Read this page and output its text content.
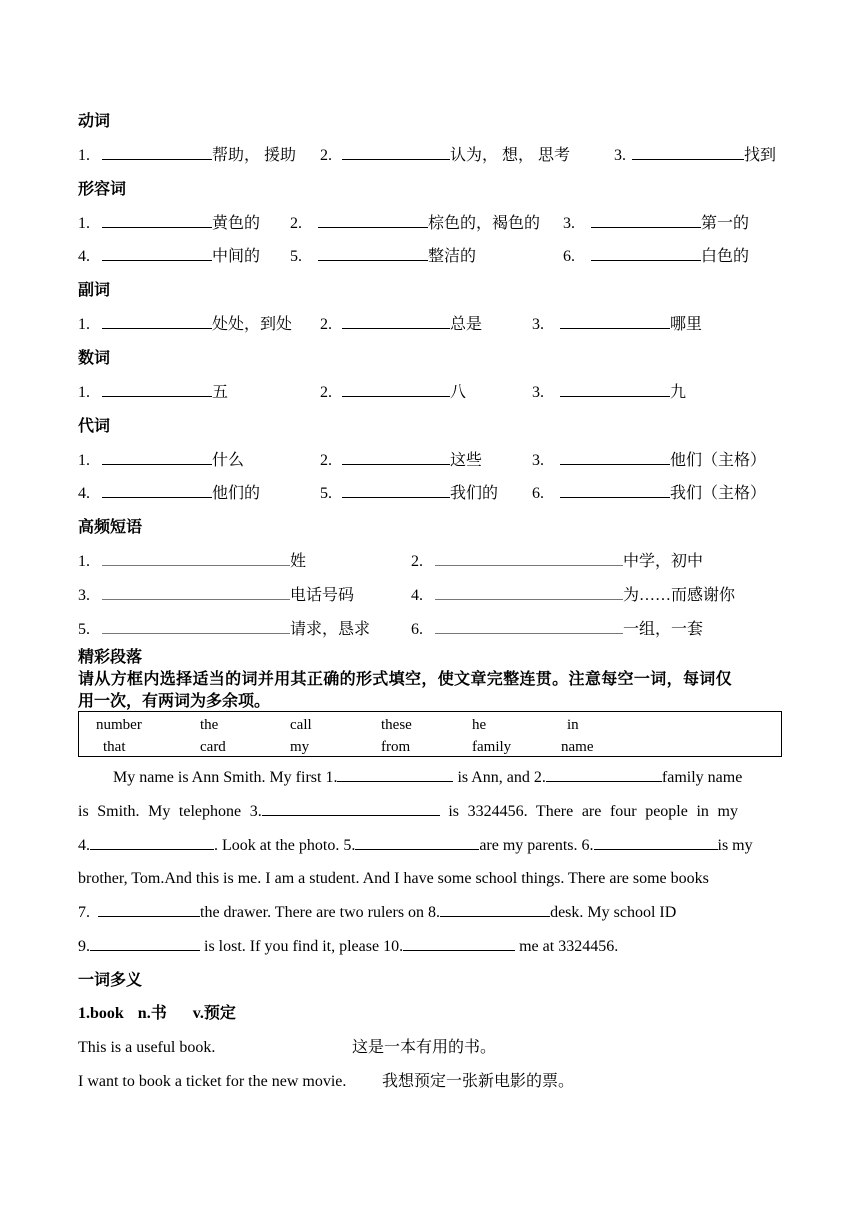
动词
1.	帮助， 援助 2.	认为， 想， 思考	3.	找到
形容词
1.	黄色的 2.	棕色的，褐色的 3.	第一的
4.	中间的 5.	整洁的	6.	白色的
副词
1.	处处，到处 2.	总是	3.	哪里
数词
1.	五	2.	八	3.	九
代词
1.	什么	2.	这些	3.	他们（主格）
4.	他们的	5.	我们的 6.	我们（主格）
高频短语
1.	姓	2.	中学，初中
3.	电话号码	4.	为……而感谢你
5.	请求，恳求	6.	一组，一套
精彩段落
请从方框内选择适当的词并用其正确的形式填空，使文章完整连贯。注意每空一词，每词仅
用一次，有两词为多余项。
number	the	call	these	he	in
that	card	my	from	family	name
My name is Ann Smith. My first 1.	is Ann, and 2.	family name
is Smith. My telephone 3.	is 3324456. There are four people in my
4.	. Look at the photo. 5.	are my parents. 6.	is my
brother, Tom.And this is me. I am a student. And I have some school things. There are some books
7.	the drawer. There are two rulers on 8.	desk. My school ID
9.	is lost. If you find it, please 10.	me at 3324456.
一词多义
1.book n.书 v.预定
This is a useful book.	这是一本有用的书。
I want to book a ticket for the new movie. 我想预定一张新电影的票。
